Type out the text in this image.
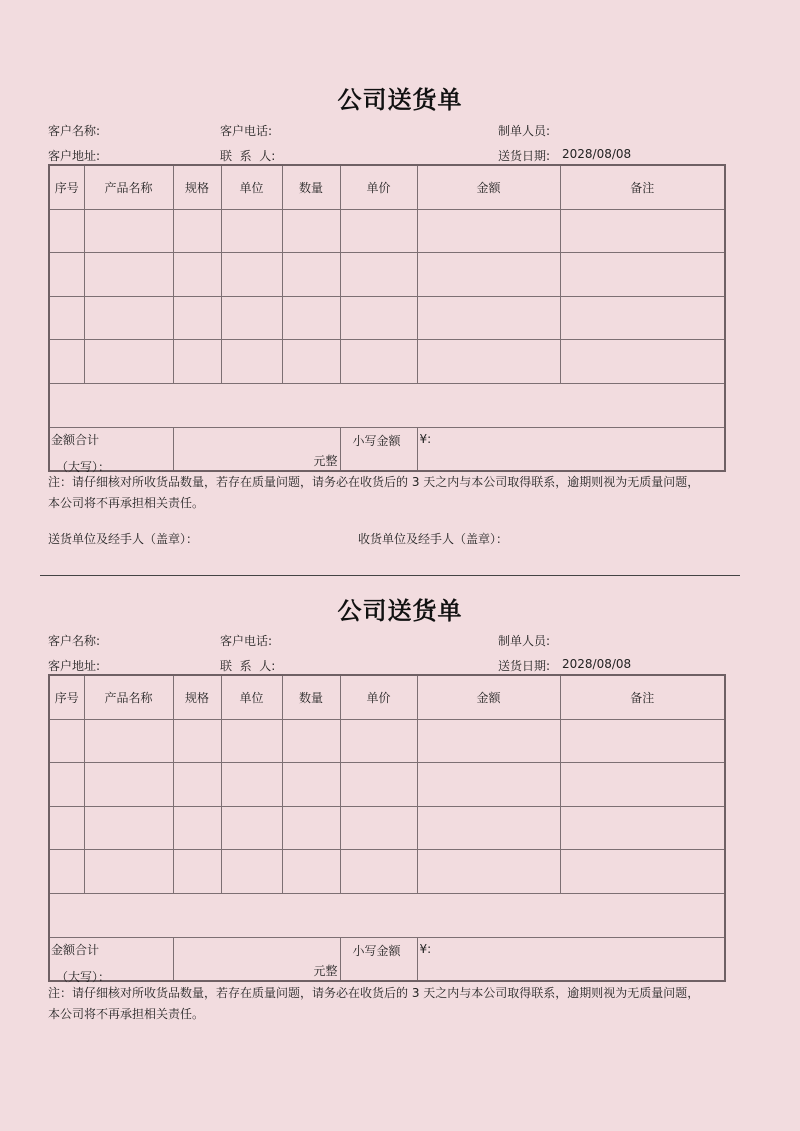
公司送货单
客户名称:	客户电话:	制单人员:
客户地址:	联  系  人:	送货日期: 2028/08/08
序号	产品名称	规格	单位	数量	单价	金额	备注

金额合计
（大写）：		元整			小写金额	¥:	
注：请仔细核对所收货品数量，若存在质量问题，请务必在收货后的 3 天之内与本公司取得联系，逾期则视为无质量问题，
本公司将不再承担相关责任。
送货单位及经手人（盖章）：	收货单位及经手人（盖章）：
公司送货单
客户名称:	客户电话:	制单人员:
客户地址:	联  系  人:	送货日期: 2028/08/08
序号	产品名称	规格	单位	数量	单价	金额	备注

金额合计
（大写）：		元整			小写金额	¥:	
注：请仔细核对所收货品数量，若存在质量问题，请务必在收货后的 3 天之内与本公司取得联系，逾期则视为无质量问题，
本公司将不再承担相关责任。
